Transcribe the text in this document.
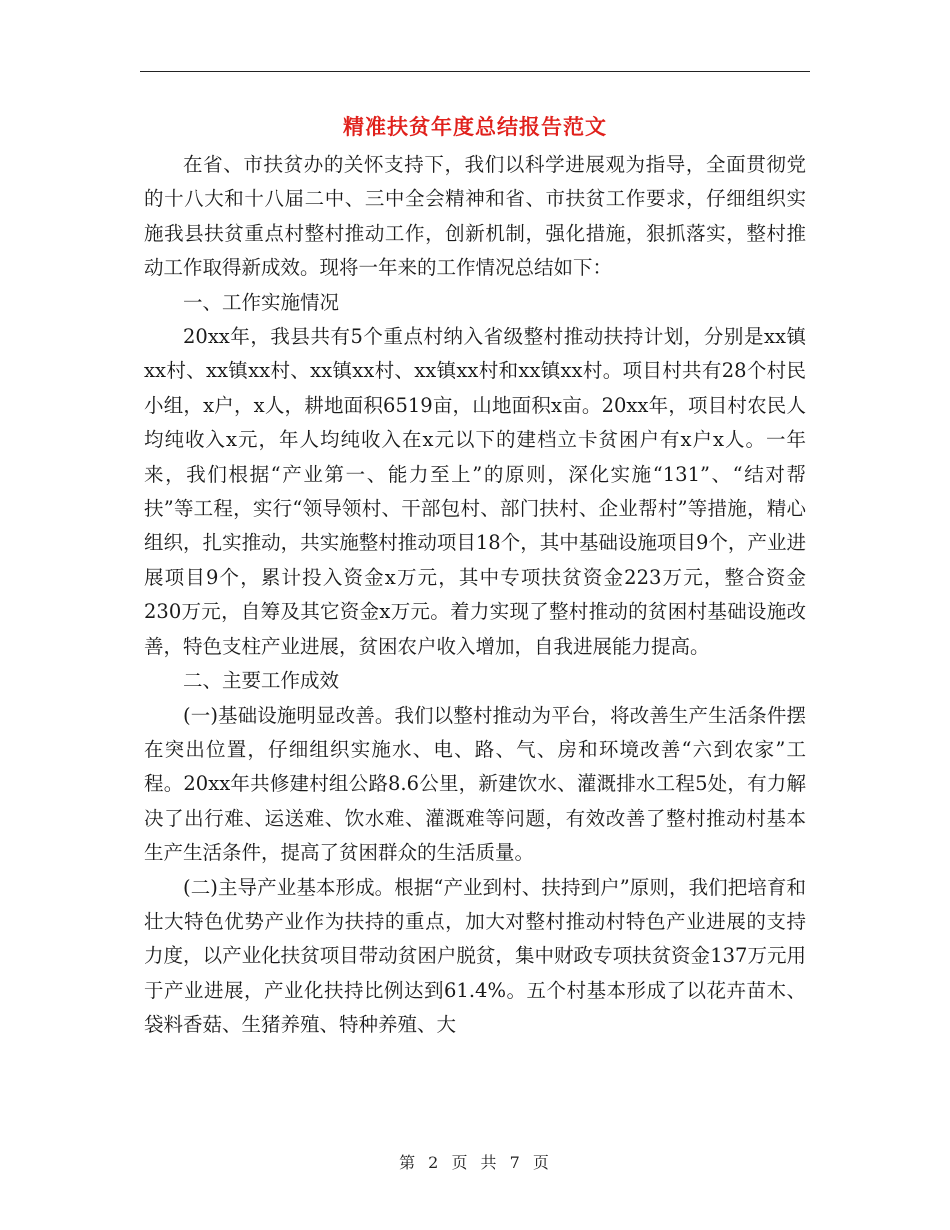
精准扶贫年度总结报告范文

在省、市扶贫办的关怀支持下，我们以科学进展观为指导，全面贯彻党的十八大和十八届二中、三中全会精神和省、市扶贫工作要求，仔细组织实施我县扶贫重点村整村推动工作，创新机制，强化措施，狠抓落实，整村推动工作取得新成效。现将一年来的工作情况总结如下：

一、工作实施情况

20xx年，我县共有5个重点村纳入省级整村推动扶持计划，分别是xx镇xx村、xx镇xx村、xx镇xx村、xx镇xx村和xx镇xx村。项目村共有28个村民小组，x户，x人，耕地面积6519亩，山地面积x亩。20xx年，项目村农民人均纯收入x元，年人均纯收入在x元以下的建档立卡贫困户有x户x人。一年来，我们根据“产业第一、能力至上”的原则，深化实施“131”、“结对帮扶”等工程，实行“领导领村、干部包村、部门扶村、企业帮村”等措施，精心组织，扎实推动，共实施整村推动项目18个，其中基础设施项目9个，产业进展项目9个，累计投入资金x万元，其中专项扶贫资金223万元，整合资金230万元，自筹及其它资金x万元。着力实现了整村推动的贫困村基础设施改善，特色支柱产业进展，贫困农户收入增加，自我进展能力提高。

二、主要工作成效

(一)基础设施明显改善。我们以整村推动为平台，将改善生产生活条件摆在突出位置，仔细组织实施水、电、路、气、房和环境改善“六到农家”工程。20xx年共修建村组公路8.6公里，新建饮水、灌溉排水工程5处，有力解决了出行难、运送难、饮水难、灌溉难等问题，有效改善了整村推动村基本生产生活条件，提高了贫困群众的生活质量。

(二)主导产业基本形成。根据“产业到村、扶持到户”原则，我们把培育和壮大特色优势产业作为扶持的重点，加大对整村推动村特色产业进展的支持力度，以产业化扶贫项目带动贫困户脱贫，集中财政专项扶贫资金137万元用于产业进展，产业化扶持比例达到61.4%。五个村基本形成了以花卉苗木、袋料香菇、生猪养殖、特种养殖、大

第 2 页 共 7 页
